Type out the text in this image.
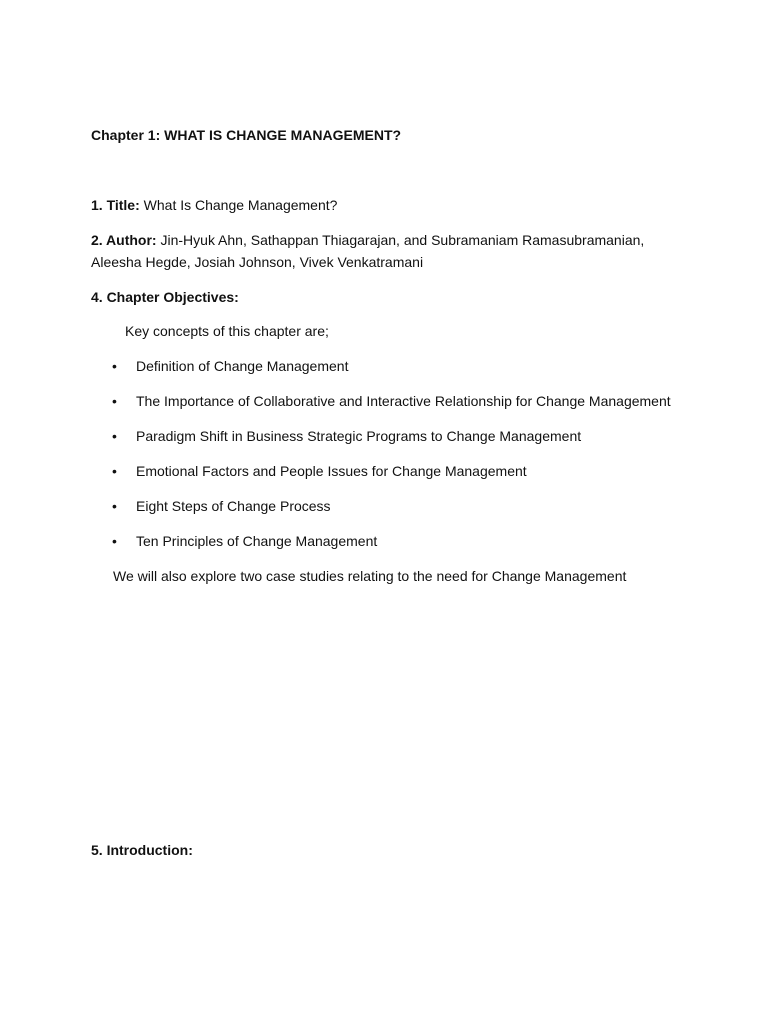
Chapter 1: WHAT IS CHANGE MANAGEMENT?
1. Title: What Is Change Management?
2. Author: Jin-Hyuk Ahn, Sathappan Thiagarajan, and Subramaniam Ramasubramanian,
Aleesha Hegde, Josiah Johnson, Vivek Venkatramani
4. Chapter Objectives:
Key concepts of this chapter are;
• Definition of Change Management
• The Importance of Collaborative and Interactive Relationship for Change Management
• Paradigm Shift in Business Strategic Programs to Change Management
• Emotional Factors and People Issues for Change Management
• Eight Steps of Change Process
• Ten Principles of Change Management
We will also explore two case studies relating to the need for Change Management
5. Introduction:
